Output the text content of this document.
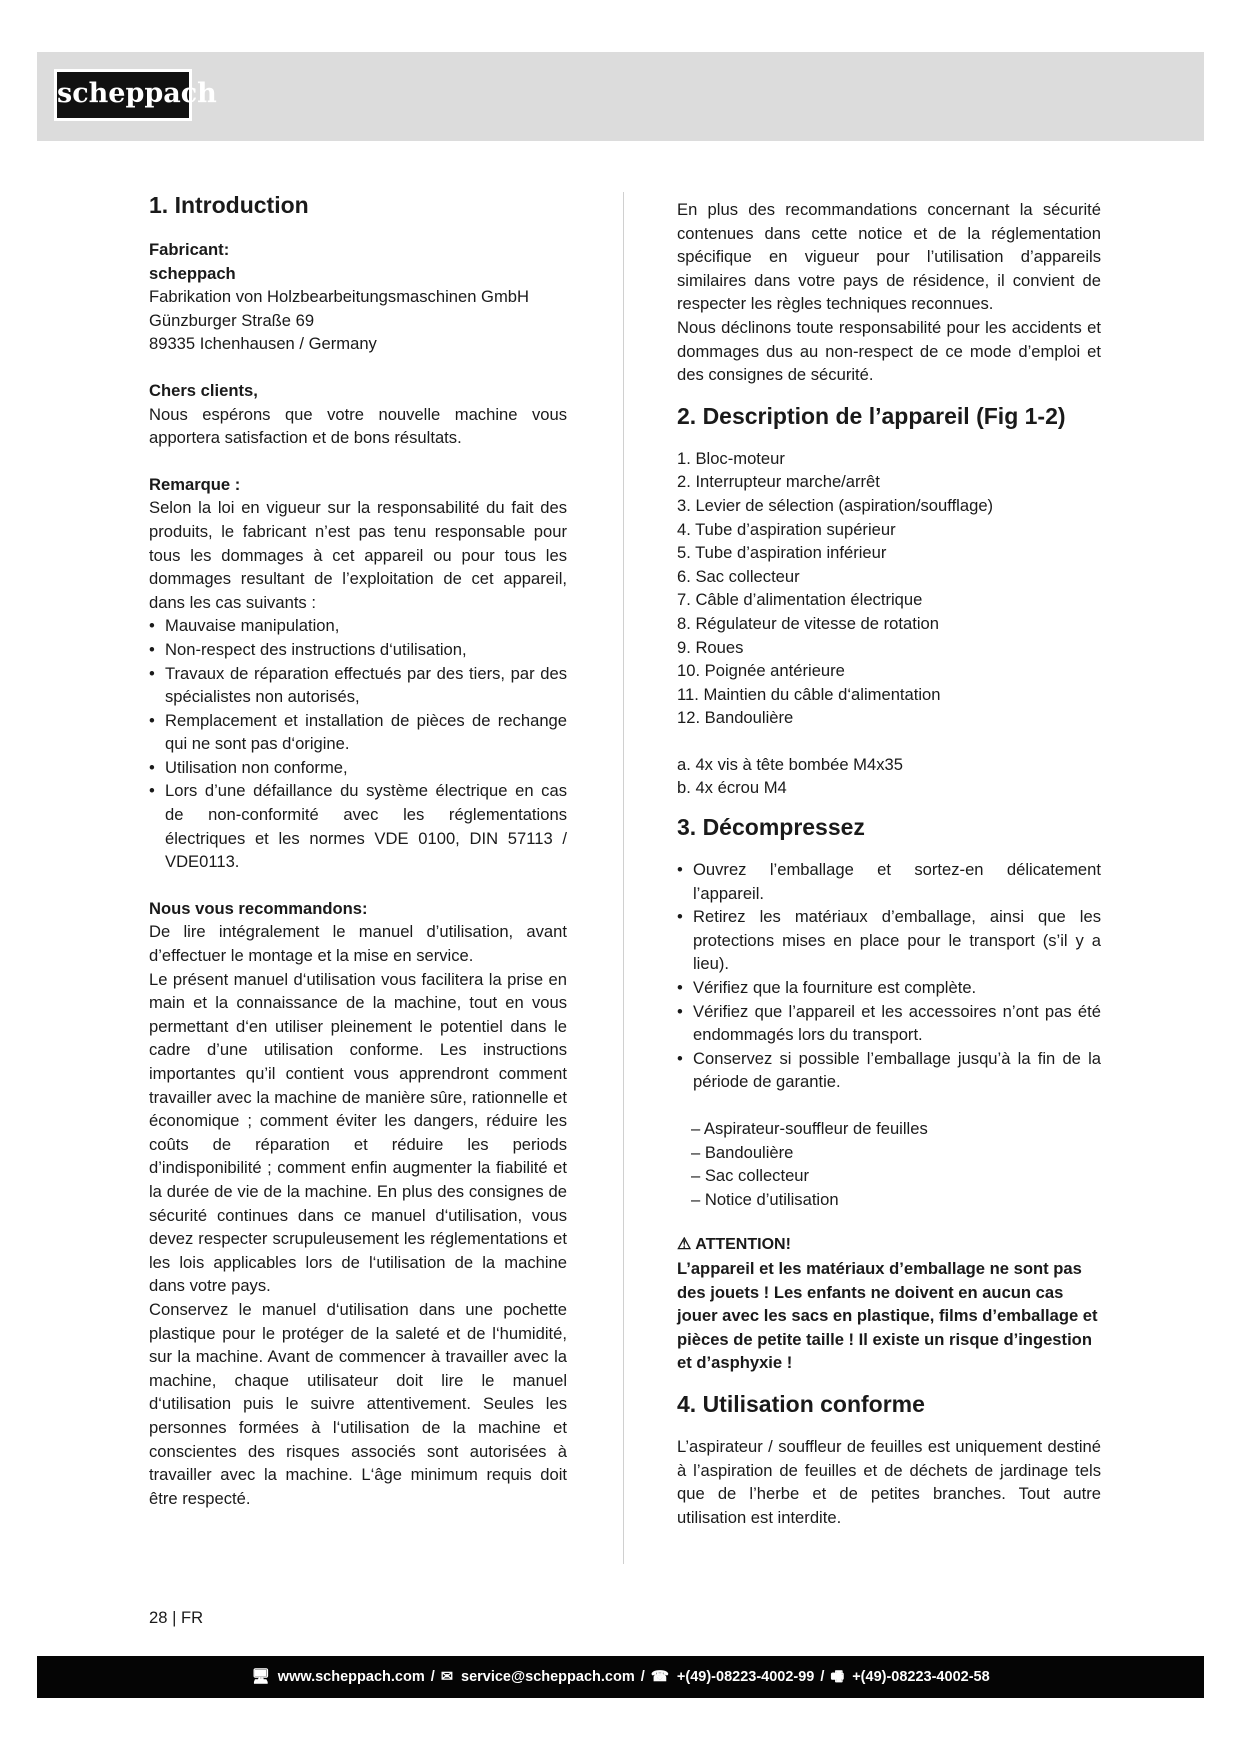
scheppach
1. Introduction
Fabricant:
scheppach

Fabrikation von Holzbearbeitungsmaschinen GmbH

Günzburger Straße 69

89335 Ichenhausen / Germany

Chers clients,

Nous espérons que votre nouvelle machine vous apportera satisfaction et de bons résultats.

Remarque :

Selon la loi en vigueur sur la responsabilité du fait des produits, le fabricant n’est pas tenu responsable pour tous les dommages à cet appareil ou pour tous les dommages resultant de l’exploitation de cet appareil, dans les cas suivants :

• Mauvaise manipulation,
• Non-respect des instructions d‘utilisation,
• Travaux de réparation effectués par des tiers, par des spécialistes non autorisés,
• Remplacement et installation de pièces de rechange qui ne sont pas d‘origine.
• Utilisation non conforme,
• Lors d’une défaillance du système électrique en cas de non-conformité avec les réglementations électriques et les normes VDE 0100, DIN 57113 / VDE0113.
Nous vous recommandons:

De lire intégralement le manuel d’utilisation, avant d’effectuer le montage et la mise en service.

Le présent manuel d‘utilisation vous facilitera la prise en main et la connaissance de la machine, tout en vous permettant d‘en utiliser pleinement le potentiel dans le cadre d’une utilisation conforme. Les instructions importantes qu’il contient vous apprendront comment travailler avec la machine de manière sûre, rationnelle et économique ; comment éviter les dangers, réduire les coûts de réparation et réduire les periods d’indisponibilité ; comment enfin augmenter la fiabilité et la durée de vie de la machine. En plus des consignes de sécurité continues dans ce manuel d‘utilisation, vous devez respecter scrupuleusement les réglementations et les lois applicables lors de l‘utilisation de la machine dans votre pays.

Conservez le manuel d‘utilisation dans une pochette plastique pour le protéger de la saleté et de l‘humidité, sur la machine. Avant de commencer à travailler avec la machine, chaque utilisateur doit lire le manuel d‘utilisation puis le suivre attentivement. Seules les personnes formées à l‘utilisation de la machine et conscientes des risques associés sont autorisées à travailler avec la machine. L‘âge minimum requis doit être respecté.

En plus des recommandations concernant la sécurité contenues dans cette notice et de la réglementation spécifique en vigueur pour l’utilisation d’appareils similaires dans votre pays de résidence, il convient de respecter les règles techniques reconnues.

Nous déclinons toute responsabilité pour les accidents et dommages dus au non-respect de ce mode d’emploi et des consignes de sécurité.

2. Description de l’appareil (Fig 1-2)
1. Bloc-moteur
2. Interrupteur marche/arrêt
3. Levier de sélection (aspiration/soufflage)
4. Tube d’aspiration supérieur
5. Tube d’aspiration inférieur
6. Sac collecteur
7. Câble d’alimentation électrique
8. Régulateur de vitesse de rotation
9. Roues
10. Poignée antérieure
11. Maintien du câble d‘alimentation
12. Bandoulière
a. 4x vis à tête bombée M4x35
b. 4x écrou M4
3. Décompressez
• Ouvrez l’emballage et sortez-en délicatement l’appareil.
• Retirez les matériaux d’emballage, ainsi que les protections mises en place pour le transport (s’il y a lieu).
• Vérifiez que la fourniture est complète.
• Vérifiez que l’appareil et les accessoires n’ont pas été endommagés lors du transport.
• Conservez si possible l’emballage jusqu’à la fin de la période de garantie.
– Aspirateur-souffleur de feuilles
– Bandoulière
– Sac collecteur
– Notice d’utilisation
⚠ ATTENTION!

L’appareil et les matériaux d’emballage ne sont pas des jouets ! Les enfants ne doivent en aucun cas jouer avec les sacs en plastique, films d’emballage et pièces de petite taille ! Il existe un risque d’ingestion et d’asphyxie !

4. Utilisation conforme

L’aspirateur / souffleur de feuilles est uniquement destiné à l’aspiration de feuilles et de déchets de jardinage tels que de l’herbe et de petites branches. Tout autre utilisation est interdite.

28 | FR
🖥 www.scheppach.com / ✉ service@scheppach.com / ☎ +(49)-08223-4002-99 / 🖷 +(49)-08223-4002-58
